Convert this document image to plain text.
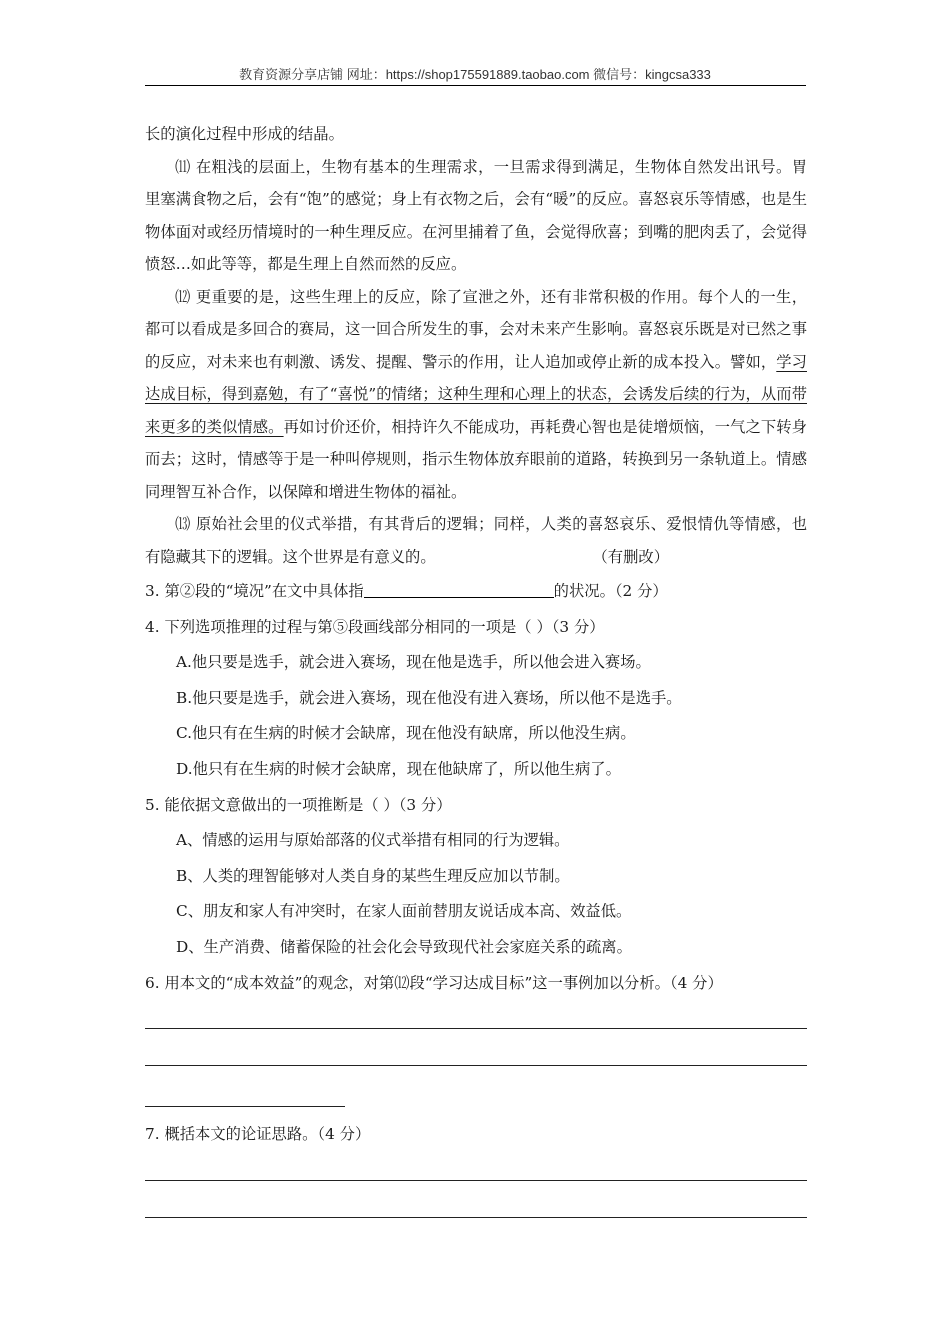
教育资源分享店铺 网址：https://shop175591889.taobao.com 微信号：kingcsa333

长的演化过程中形成的结晶。

⑾ 在粗浅的层面上，生物有基本的生理需求，一旦需求得到满足，生物体自然发出讯号。胃里塞满食物之后，会有“饱”的感觉；身上有衣物之后，会有“暖”的反应。喜怒哀乐等情感，也是生物体面对或经历情境时的一种生理反应。在河里捕着了鱼，会觉得欣喜；到嘴的肥肉丢了，会觉得愤怒…如此等等，都是生理上自然而然的反应。

⑿ 更重要的是，这些生理上的反应，除了宣泄之外，还有非常积极的作用。每个人的一生，都可以看成是多回合的赛局，这一回合所发生的事，会对未来产生影响。喜怒哀乐既是对已然之事的反应，对未来也有刺激、诱发、提醒、警示的作用，让人追加或停止新的成本投入。譬如，学习达成目标，得到嘉勉，有了“喜悦”的情绪；这种生理和心理上的状态，会诱发后续的行为，从而带来更多的类似情感。再如讨价还价，相持许久不能成功，再耗费心智也是徒增烦恼，一气之下转身而去；这时，情感等于是一种叫停规则，指示生物体放弃眼前的道路，转换到另一条轨道上。情感同理智互补合作，以保障和增进生物体的福祉。

⒀ 原始社会里的仪式举措，有其背后的逻辑；同样，人类的喜怒哀乐、爱恨情仇等情感，也有隐藏其下的逻辑。这个世界是有意义的。	（有删改）

3. 第②段的“境况”在文中具体指	的状况。（2 分）

4. 下列选项推理的过程与第⑤段画线部分相同的一项是（ ）（3 分）

A.他只要是选手，就会进入赛场，现在他是选手，所以他会进入赛场。

B.他只要是选手，就会进入赛场，现在他没有进入赛场，所以他不是选手。

C.他只有在生病的时候才会缺席，现在他没有缺席，所以他没生病。

D.他只有在生病的时候才会缺席，现在他缺席了，所以他生病了。

5. 能依据文意做出的一项推断是（ ）（3 分）

A、情感的运用与原始部落的仪式举措有相同的行为逻辑。

B、人类的理智能够对人类自身的某些生理反应加以节制。

C、朋友和家人有冲突时，在家人面前替朋友说话成本高、效益低。

D、生产消费、储蓄保险的社会化会导致现代社会家庭关系的疏离。

6. 用本文的“成本效益”的观念，对第⑿段“学习达成目标”这一事例加以分析。（4 分）

7. 概括本文的论证思路。（4 分）
